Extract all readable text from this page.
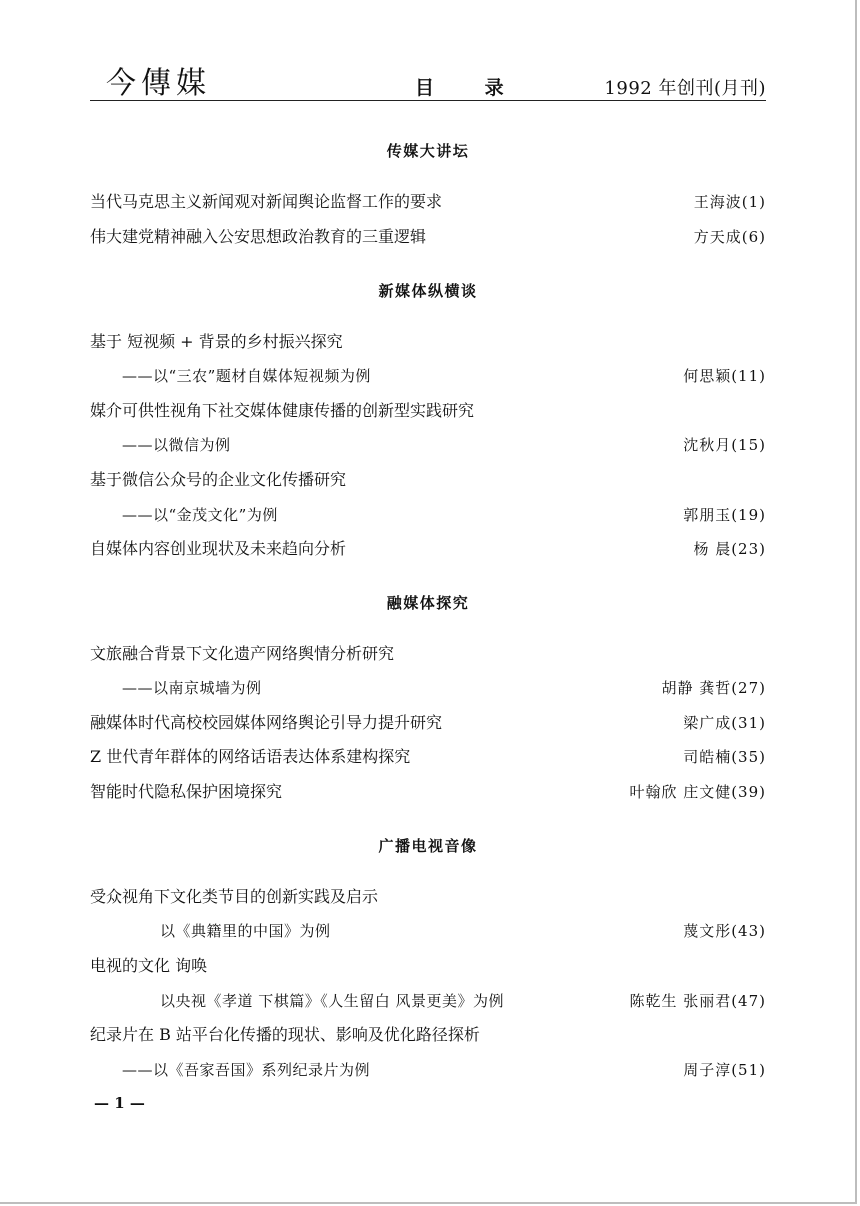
今傳媒	目 录	1992 年创刊(月刊)
传媒大讲坛
当代马克思主义新闻观对新闻舆论监督工作的要求	王海波(1)
伟大建党精神融入公安思想政治教育的三重逻辑	方天成(6)
新媒体纵横谈
基于 短视频 + 背景的乡村振兴探究
——以“三农”题材自媒体短视频为例	何思颖(11)
媒介可供性视角下社交媒体健康传播的创新型实践研究
——以微信为例	沈秋月(15)
基于微信公众号的企业文化传播研究
——以“金茂文化”为例	郭朋玉(19)
自媒体内容创业现状及未来趋向分析	杨 晨(23)
融媒体探究
文旅融合背景下文化遗产网络舆情分析研究
——以南京城墙为例	胡静 龚哲(27)
融媒体时代高校校园媒体网络舆论引导力提升研究	梁广成(31)
Z 世代青年群体的网络话语表达体系建构探究	司皓楠(35)
智能时代隐私保护困境探究	叶翰欣 庄文健(39)
广播电视音像
受众视角下文化类节目的创新实践及启示
以《典籍里的中国》为例	蔑文彤(43)
电视的文化 询唤
以央视《孝道 下棋篇》《人生留白 风景更美》为例	陈乾生 张丽君(47)
纪录片在 B 站平台化传播的现状、影响及优化路径探析
——以《吾家吾国》系列纪录片为例	周子淳(51)
— 1 —
